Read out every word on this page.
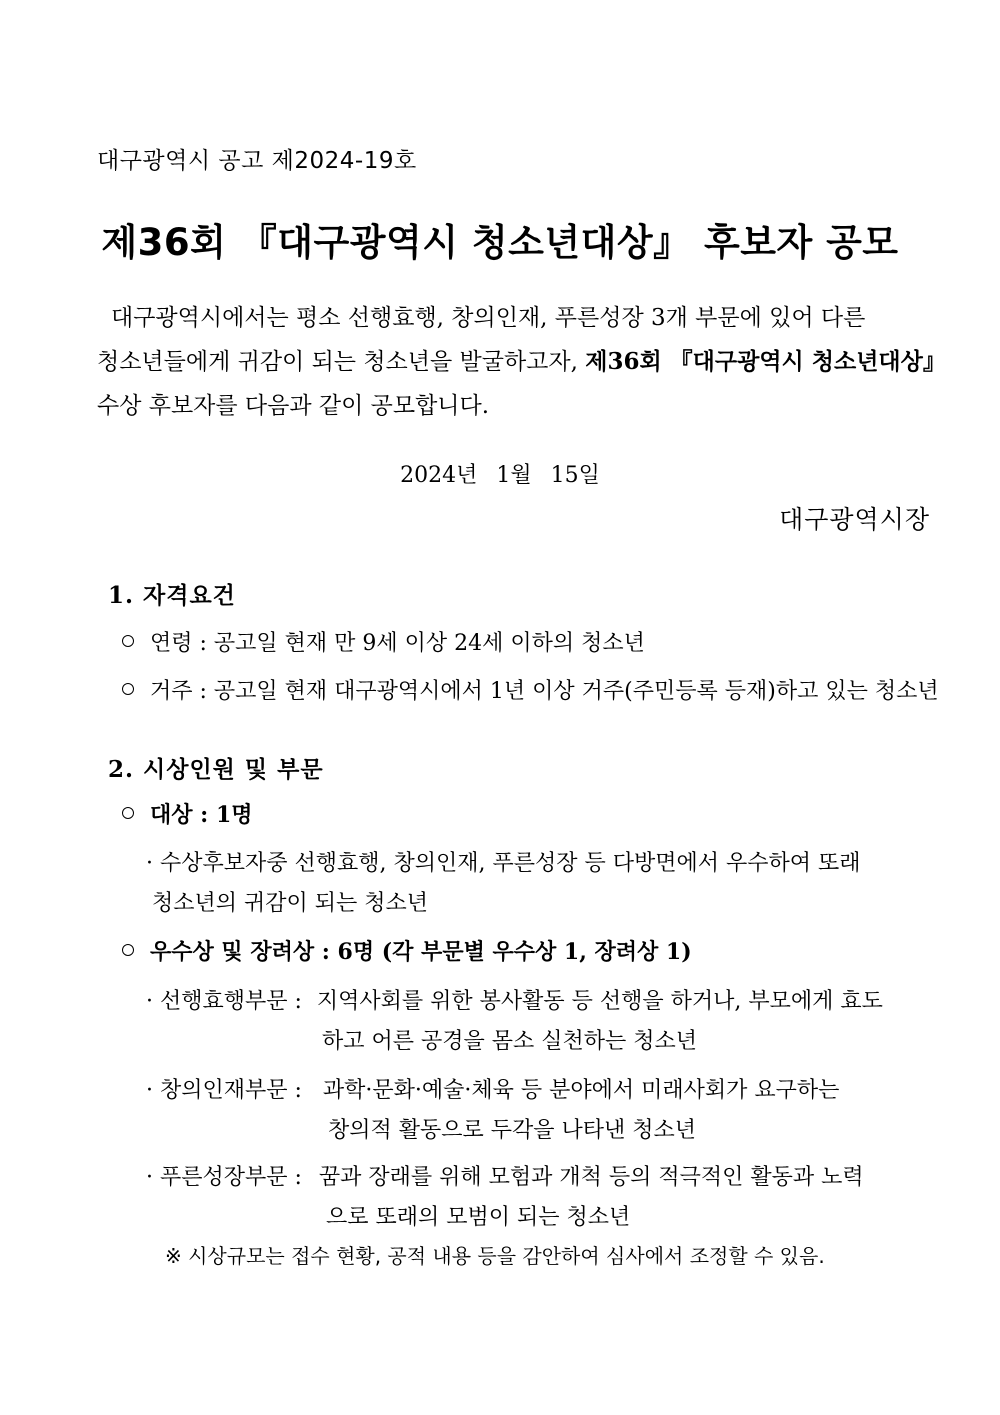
대구광역시 공고 제2024-19호
제36회 『대구광역시 청소년대상』 후보자 공모
대구광역시에서는 평소 선행효행, 창의인재, 푸른성장 3개 부문에 있어 다른
청소년들에게 귀감이 되는 청소년을 발굴하고자, 제36회 『대구광역시 청소년대상』
수상 후보자를 다음과 같이 공모합니다.
2024년 1월 15일
대구광역시장
1. 자격요건
연령 : 공고일 현재 만 9세 이상 24세 이하의 청소년
거주 : 공고일 현재 대구광역시에서 1년 이상 거주(주민등록 등재)하고 있는 청소년
2. 시상인원 및 부문
대상 : 1명
· 수상후보자중 선행효행, 창의인재, 푸른성장 등 다방면에서 우수하여 또래
청소년의 귀감이 되는 청소년
우수상 및 장려상 : 6명 (각 부문별 우수상 1, 장려상 1)
· 선행효행부문 : 지역사회를 위한 봉사활동 등 선행을 하거나, 부모에게 효도
하고 어른 공경을 몸소 실천하는 청소년
· 창의인재부문 : 과학·문화·예술·체육 등 분야에서 미래사회가 요구하는
창의적 활동으로 두각을 나타낸 청소년
· 푸른성장부문 : 꿈과 장래를 위해 모험과 개척 등의 적극적인 활동과 노력
으로 또래의 모범이 되는 청소년
※ 시상규모는 접수 현황, 공적 내용 등을 감안하여 심사에서 조정할 수 있음.
